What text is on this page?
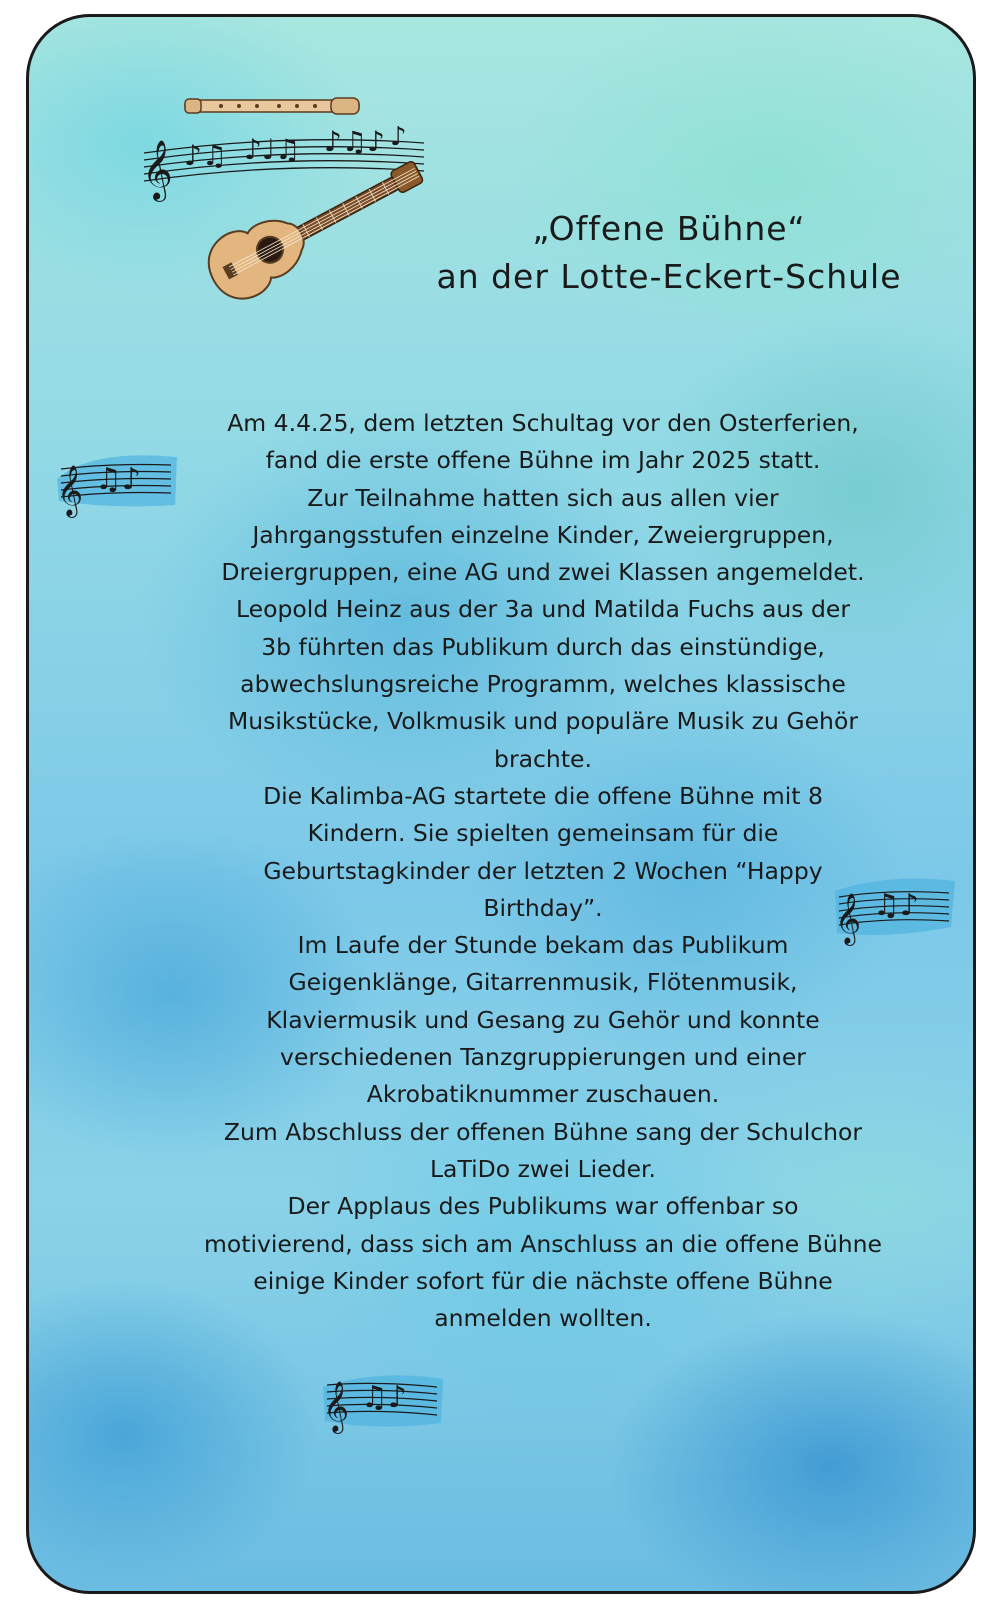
𝄞 ♪♫ ♪♩♫ ♪♫♪ ♪
𝄞 ♫♪
𝄞 ♫♪
𝄞 ♫♪
„Offene Bühne“
an der Lotte-Eckert-Schule
Am 4.4.25, dem letzten Schultag vor den Osterferien,
fand die erste offene Bühne im Jahr 2025 statt.
Zur Teilnahme hatten sich aus allen vier
Jahrgangsstufen einzelne Kinder, Zweiergruppen,
Dreiergruppen, eine AG und zwei Klassen angemeldet.
Leopold Heinz aus der 3a und Matilda Fuchs aus der
3b führten das Publikum durch das einstündige,
abwechslungsreiche Programm, welches klassische
Musikstücke, Volkmusik und populäre Musik zu Gehör
brachte.
Die Kalimba-AG startete die offene Bühne mit 8
Kindern. Sie spielten gemeinsam für die
Geburtstagkinder der letzten 2 Wochen “Happy
Birthday”.
Im Laufe der Stunde bekam das Publikum
Geigenklänge, Gitarrenmusik, Flötenmusik,
Klaviermusik und Gesang zu Gehör und konnte
verschiedenen Tanzgruppierungen und einer
Akrobatiknummer zuschauen.
Zum Abschluss der offenen Bühne sang der Schulchor
LaTiDo zwei Lieder.
Der Applaus des Publikums war offenbar so
motivierend, dass sich am Anschluss an die offene Bühne
einige Kinder sofort für die nächste offene Bühne
anmelden wollten.
